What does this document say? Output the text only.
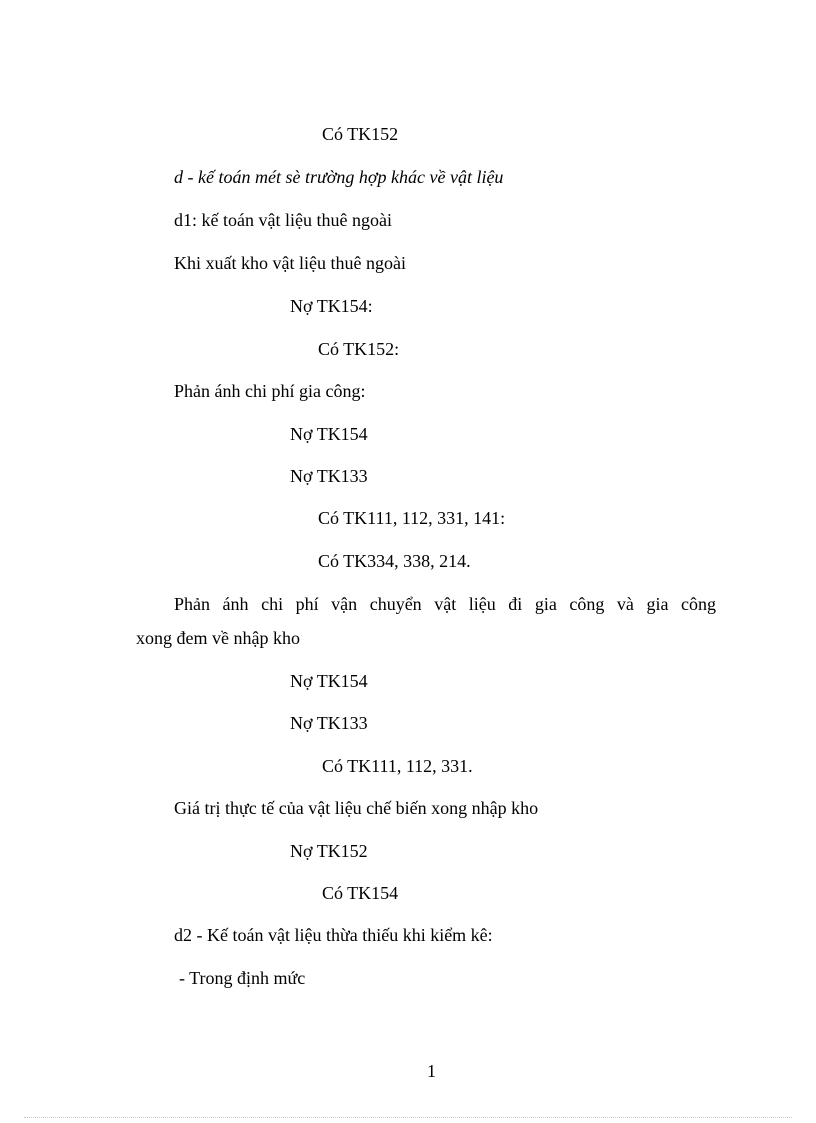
Có TK152
d - kế toán mét sè trường hợp khác về vật liệu
d1: kế toán vật liệu thuê ngoài
Khi xuất kho vật liệu thuê ngoài
Nợ TK154:
Có TK152:
Phản ánh chi phí gia công:
Nợ TK154
Nợ TK133
Có TK111, 112, 331, 141:
Có TK334, 338, 214.
Phản ánh chi phí vận chuyển vật liệu đi gia công và gia công
xong đem về nhập kho
Nợ TK154
Nợ TK133
Có TK111, 112, 331.
Giá trị thực tế của vật liệu chế biến xong nhập kho
Nợ TK152
Có TK154
d2 - Kế toán vật liệu thừa thiếu khi kiểm kê:
- Trong định mức
1
